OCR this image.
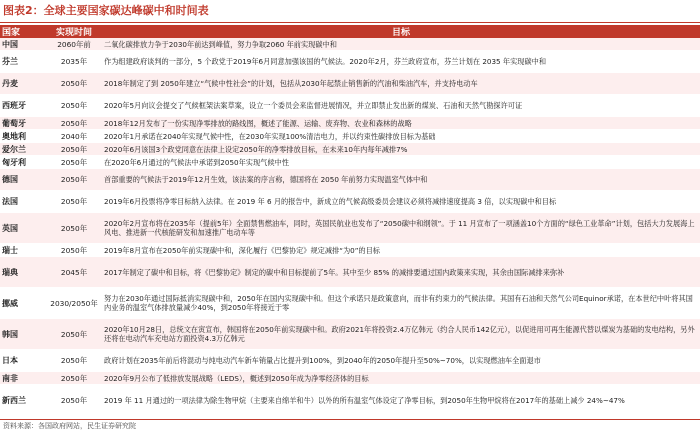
图表2：全球主要国家碳达峰碳中和时间表
国家	实现时间	目标
中国	2060年前	二氧化碳排放力争于2030年前达到峰值，努力争取2060 年前实现碳中和
芬兰	2035年	作为组建政府谈判的一部分，5 个政党于2019年6月同意加强该国的气候法。2020年2月，芬兰政府宣布，芬兰计划在 2035 年实现碳中和
丹麦	2050年	2018年制定了到 2050年建立“气候中性社会”的计划，包括从2030年起禁止销售新的汽油和柴油汽车，并支持电动车
西班牙	2050年	2020年5月向议会提交了气候框架法案草案，设立一个委员会来监督进展情况，并立即禁止发出新的煤炭、石油和天然气勘探许可证
葡萄牙	2050年	2018年12月发布了一份实现净零排放的路线图，概述了能源、运输、废弃物、农业和森林的战略
奥地利	2040年	2020年1月承诺在2040年实现气候中性，在2030年实现100%清洁电力，并以约束性碳排放目标为基础
爱尔兰	2050年	2020年6月该国3个政党同意在法律上设定2050年的净零排放目标，在未来10年内每年减排7%
匈牙利	2050年	在2020年6月通过的气候法中承诺到2050年实现气候中性
德国	2050年	首部重要的气候法于2019年12月生效，该法案的序言称，德国将在 2050 年前努力实现温室气体中和
法国	2050年	2019年6月投票将净零目标纳入法律。在 2019 年 6 月的报告中，新成立的气候高级委员会建议必须将减排速度提高 3 倍，以实现碳中和目标
英国	2050年	2020年2月宣布将在2035年（提前5年）全面禁售燃油车，同时，英国民航业也发布了“2050碳中和纲领”。于 11 月宣布了一项涵盖10个方面的“绿色工业革命”计划，包括大力发展海上风电、推进新一代核能研发和加速推广电动车等
瑞士	2050年	2019年8月宣布在2050年前实现碳中和，深化履行《巴黎协定》规定减排“为0”的目标
瑞典	2045年	2017年制定了碳中和目标，将《巴黎协定》制定的碳中和目标提前了5年。其中至少 85% 的减排要通过国内政策来实现，其余由国际减排来弥补
挪威	2030/2050年	努力在2030年通过国际抵消实现碳中和，2050年在国内实现碳中和。但这个承诺只是政策意向，而非有约束力的气候法律。其国有石油和天然气公司Equinor承诺，在本世纪中叶将其国内业务的温室气体排放量减少40%，到2050年将接近于零
韩国	2050年	2020年10月28日，总统文在寅宣布，韩国将在2050年前实现碳中和。政府2021年将投资2.4万亿韩元（约合人民币142亿元），以促进用可再生能源代替以煤炭为基础的发电结构，另外还将在电动汽车充电站方面投资4.3万亿韩元
日本	2050年	政府计划在2035年前后将混动与纯电动汽车新车销量占比提升到100%，到2040年的2050年提升至50%~70%，以实现燃油车全面退市
南非	2050年	2020年9月公布了低排放发展战略（LEDS），概述到2050年成为净零经济体的目标
新西兰	2050年	2019 年 11 月通过的一项法律为除生物甲烷（主要来自绵羊和牛）以外的所有温室气体设定了净零目标，到2050年生物甲烷将在2017年的基础上减少 24%~47%
资料来源：各国政府网站，民生证券研究院
